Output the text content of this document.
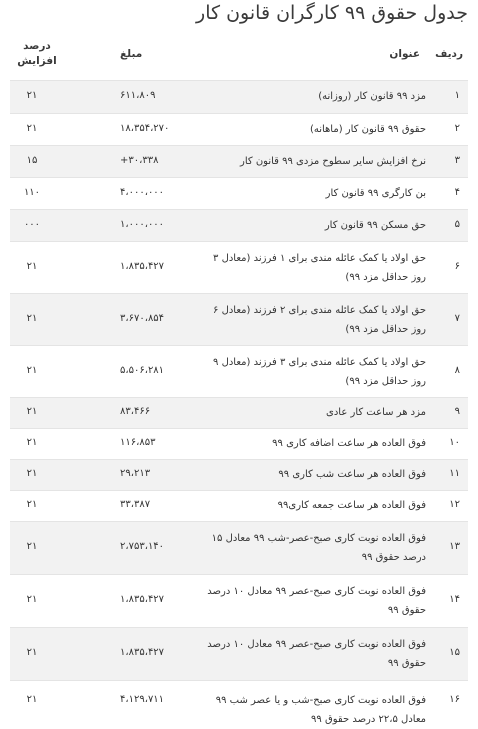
جدول حقوق ۹۹ کارگران قانون کار
ردیف
عنوان
مبلغ
درصد افزایش
۱
مزد ۹۹ قانون کار (روزانه)
۶۱۱،۸۰۹
۲۱
۲
حقوق ۹۹ قانون کار (ماهانه)
۱۸،۳۵۴،۲۷۰
۲۱
۳
نرخ افزایش سایر سطوح مزدی ۹۹ قانون کار
+۳۰،۳۳۸
۱۵
۴
بن کارگری ۹۹ قانون کار
۴،۰۰۰،۰۰۰
۱۱۰
۵
حق مسکن ۹۹ قانون کار
۱،۰۰۰،۰۰۰
۰۰۰
۶
حق اولاد یا کمک عائله مندی برای ۱ فرزند (معادل ۳ روز حداقل مزد ۹۹)
۱،۸۳۵،۴۲۷
۲۱
۷
حق اولاد یا کمک عائله مندی برای ۲ فرزند (معادل ۶ روز حداقل مزد ۹۹)
۳،۶۷۰،۸۵۴
۲۱
۸
حق اولاد یا کمک عائله مندی برای ۳ فرزند (معادل ۹ روز حداقل مزد ۹۹)
۵،۵۰۶،۲۸۱
۲۱
۹
مزد هر ساعت کار عادی
۸۳،۴۶۶
۲۱
۱۰
فوق العاده هر ساعت اضافه کاری ۹۹
۱۱۶،۸۵۳
۲۱
۱۱
فوق العاده هر ساعت شب کاری ۹۹
۲۹،۲۱۳
۲۱
۱۲
فوق العاده هر ساعت جمعه کاری۹۹
۳۳،۳۸۷
۲۱
۱۳
فوق العاده نوبت کاری صبح-عصر-شب ۹۹ معادل ۱۵ درصد حقوق ۹۹
۲،۷۵۳،۱۴۰
۲۱
۱۴
فوق العاده نوبت کاری صبح-عصر ۹۹ معادل ۱۰ درصد حقوق ۹۹
۱،۸۳۵،۴۲۷
۲۱
۱۵
فوق العاده نوبت کاری صبح-عصر ۹۹ معادل ۱۰ درصد حقوق ۹۹
۱،۸۳۵،۴۲۷
۲۱
۱۶
فوق العاده نوبت کاری صبح-شب و یا عصر شب ۹۹ معادل ۲۲،۵ درصد حقوق ۹۹
۴،۱۲۹،۷۱۱
۲۱
